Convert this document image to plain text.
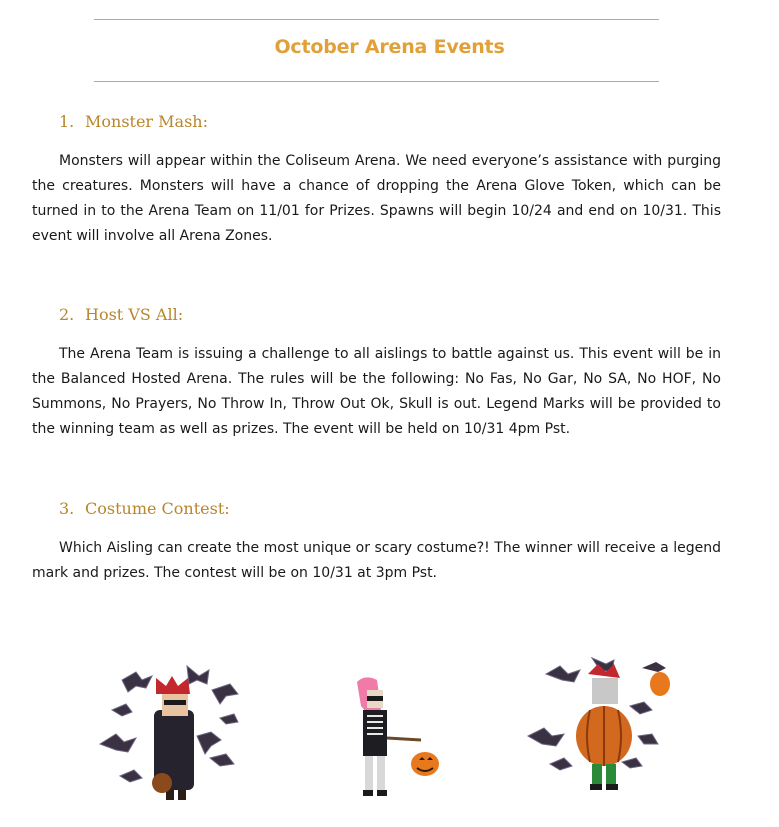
October Arena Events
1. Monster Mash:

Monsters will appear within the Coliseum Arena. We need everyone’s assistance with purging the creatures. Monsters will have a chance of dropping the Arena Glove Token, which can be turned in to the Arena Team on 11/01 for Prizes. Spawns will begin 10/24 and end on 10/31. This event will involve all Arena Zones.

2. Host VS All:

The Arena Team is issuing a challenge to all aislings to battle against us. This event will be in the Balanced Hosted Arena. The rules will be the following: No Fas, No Gar, No SA, No HOF, No Summons, No Prayers, No Throw In, Throw Out Ok, Skull is out. Legend Marks will be provided to the winning team as well as prizes. The event will be held on 10/31 4pm Pst.

3. Costume Contest:

Which Aisling can create the most unique or scary costume?! The winner will receive a legend mark and prizes. The contest will be on 10/31 at 3pm Pst.
